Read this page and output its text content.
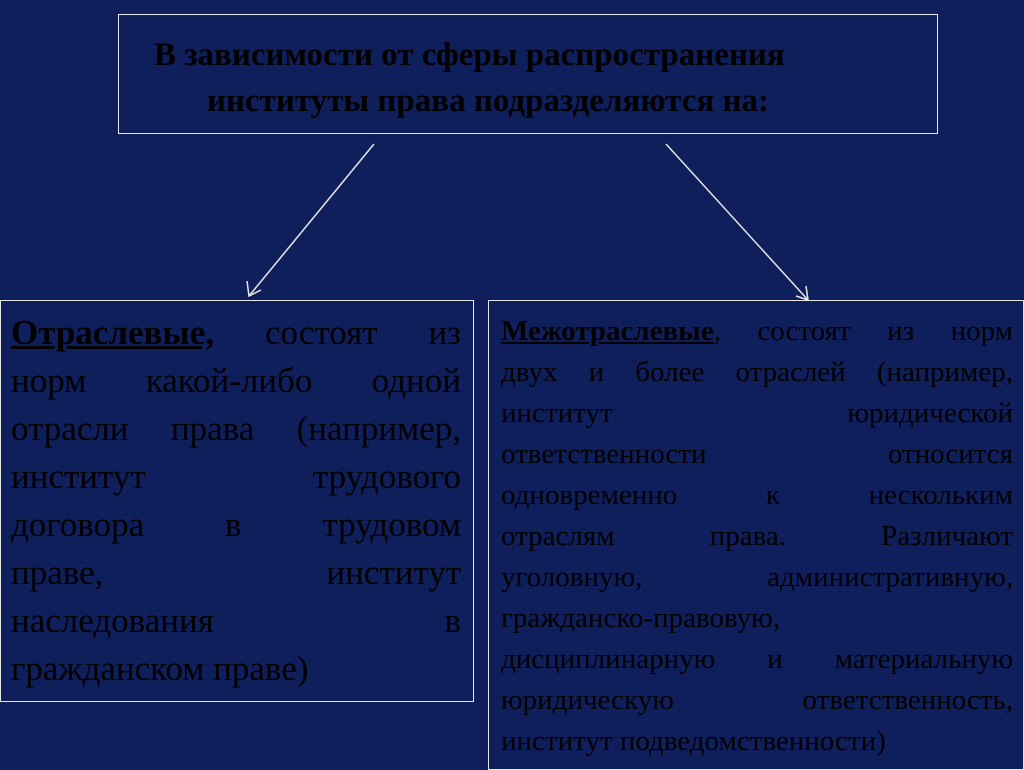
В зависимости от сферы распространения
институты права подразделяются на:
Отраслевые, состоят из
норм какой-либо одной
отрасли права (например,
институт трудового
договора в трудовом
праве, институт
наследования в
гражданском праве)
Межотраслевые, состоят из норм
двух и более отраслей (например,
институт юридической
ответственности относится
одновременно к нескольким
отраслям права. Различают
уголовную, административную,
гражданско-правовую,
дисциплинарную и материальную
юридическую ответственность,
институт подведомственности)
